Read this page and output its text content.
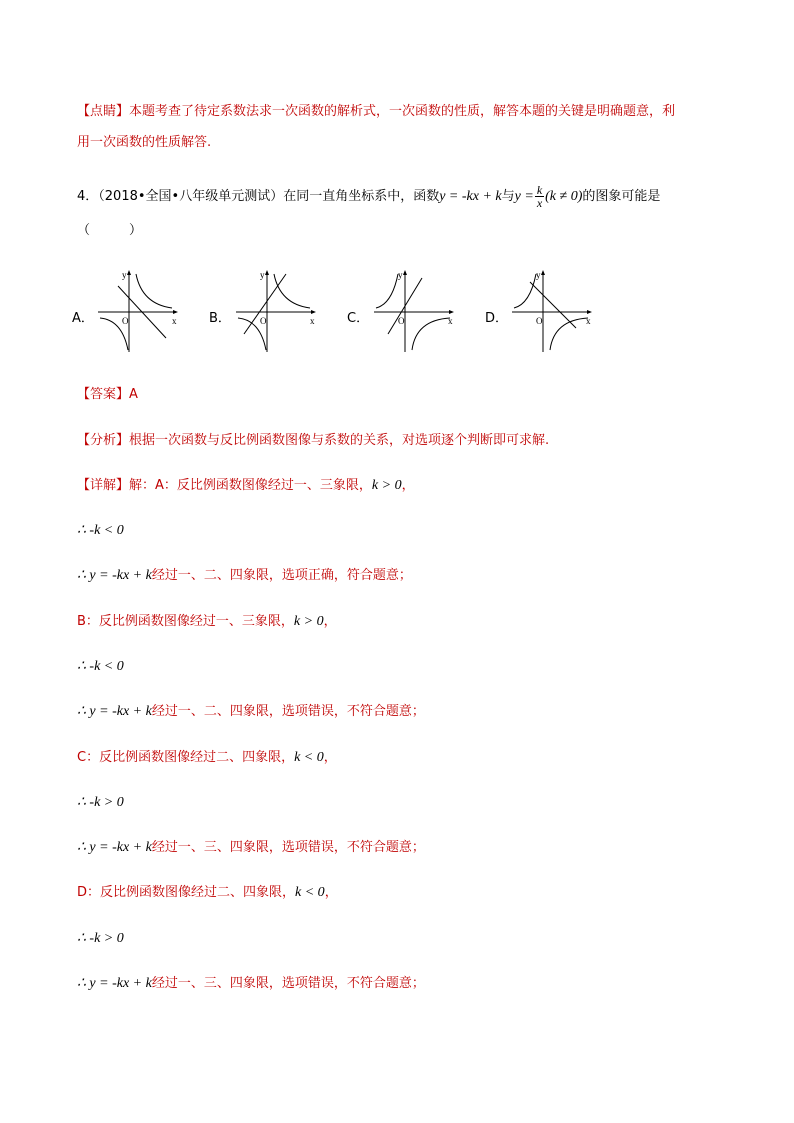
【点睛】本题考查了待定系数法求一次函数的解析式，一次函数的性质，解答本题的关键是明确题意，利
用一次函数的性质解答.
4．（2018•全国•八年级单元测试）在同一直角坐标系中，函数y = -kx + k与$y = \frac{k}{x} (k \ne 0)$的图象可能是
（　　　）
A．
y
x
O	B．
y
x
O	C．
y
x
O	D．
y
x
O
【答案】A
【分析】根据一次函数与反比例函数图像与系数的关系，对选项逐个判断即可求解.
【详解】解：A：反比例函数图像经过一、三象限，k > 0，
∴ -k < 0
∴ y = -kx + k经过一、二、四象限，选项正确，符合题意；
B：反比例函数图像经过一、三象限，k > 0，
∴ -k < 0
∴ y = -kx + k经过一、二、四象限，选项错误，不符合题意；
C：反比例函数图像经过二、四象限，k < 0，
∴ -k > 0
∴ y = -kx + k经过一、三、四象限，选项错误，不符合题意；
D：反比例函数图像经过二、四象限，k < 0，
∴ -k > 0
∴ y = -kx + k经过一、三、四象限，选项错误，不符合题意；
